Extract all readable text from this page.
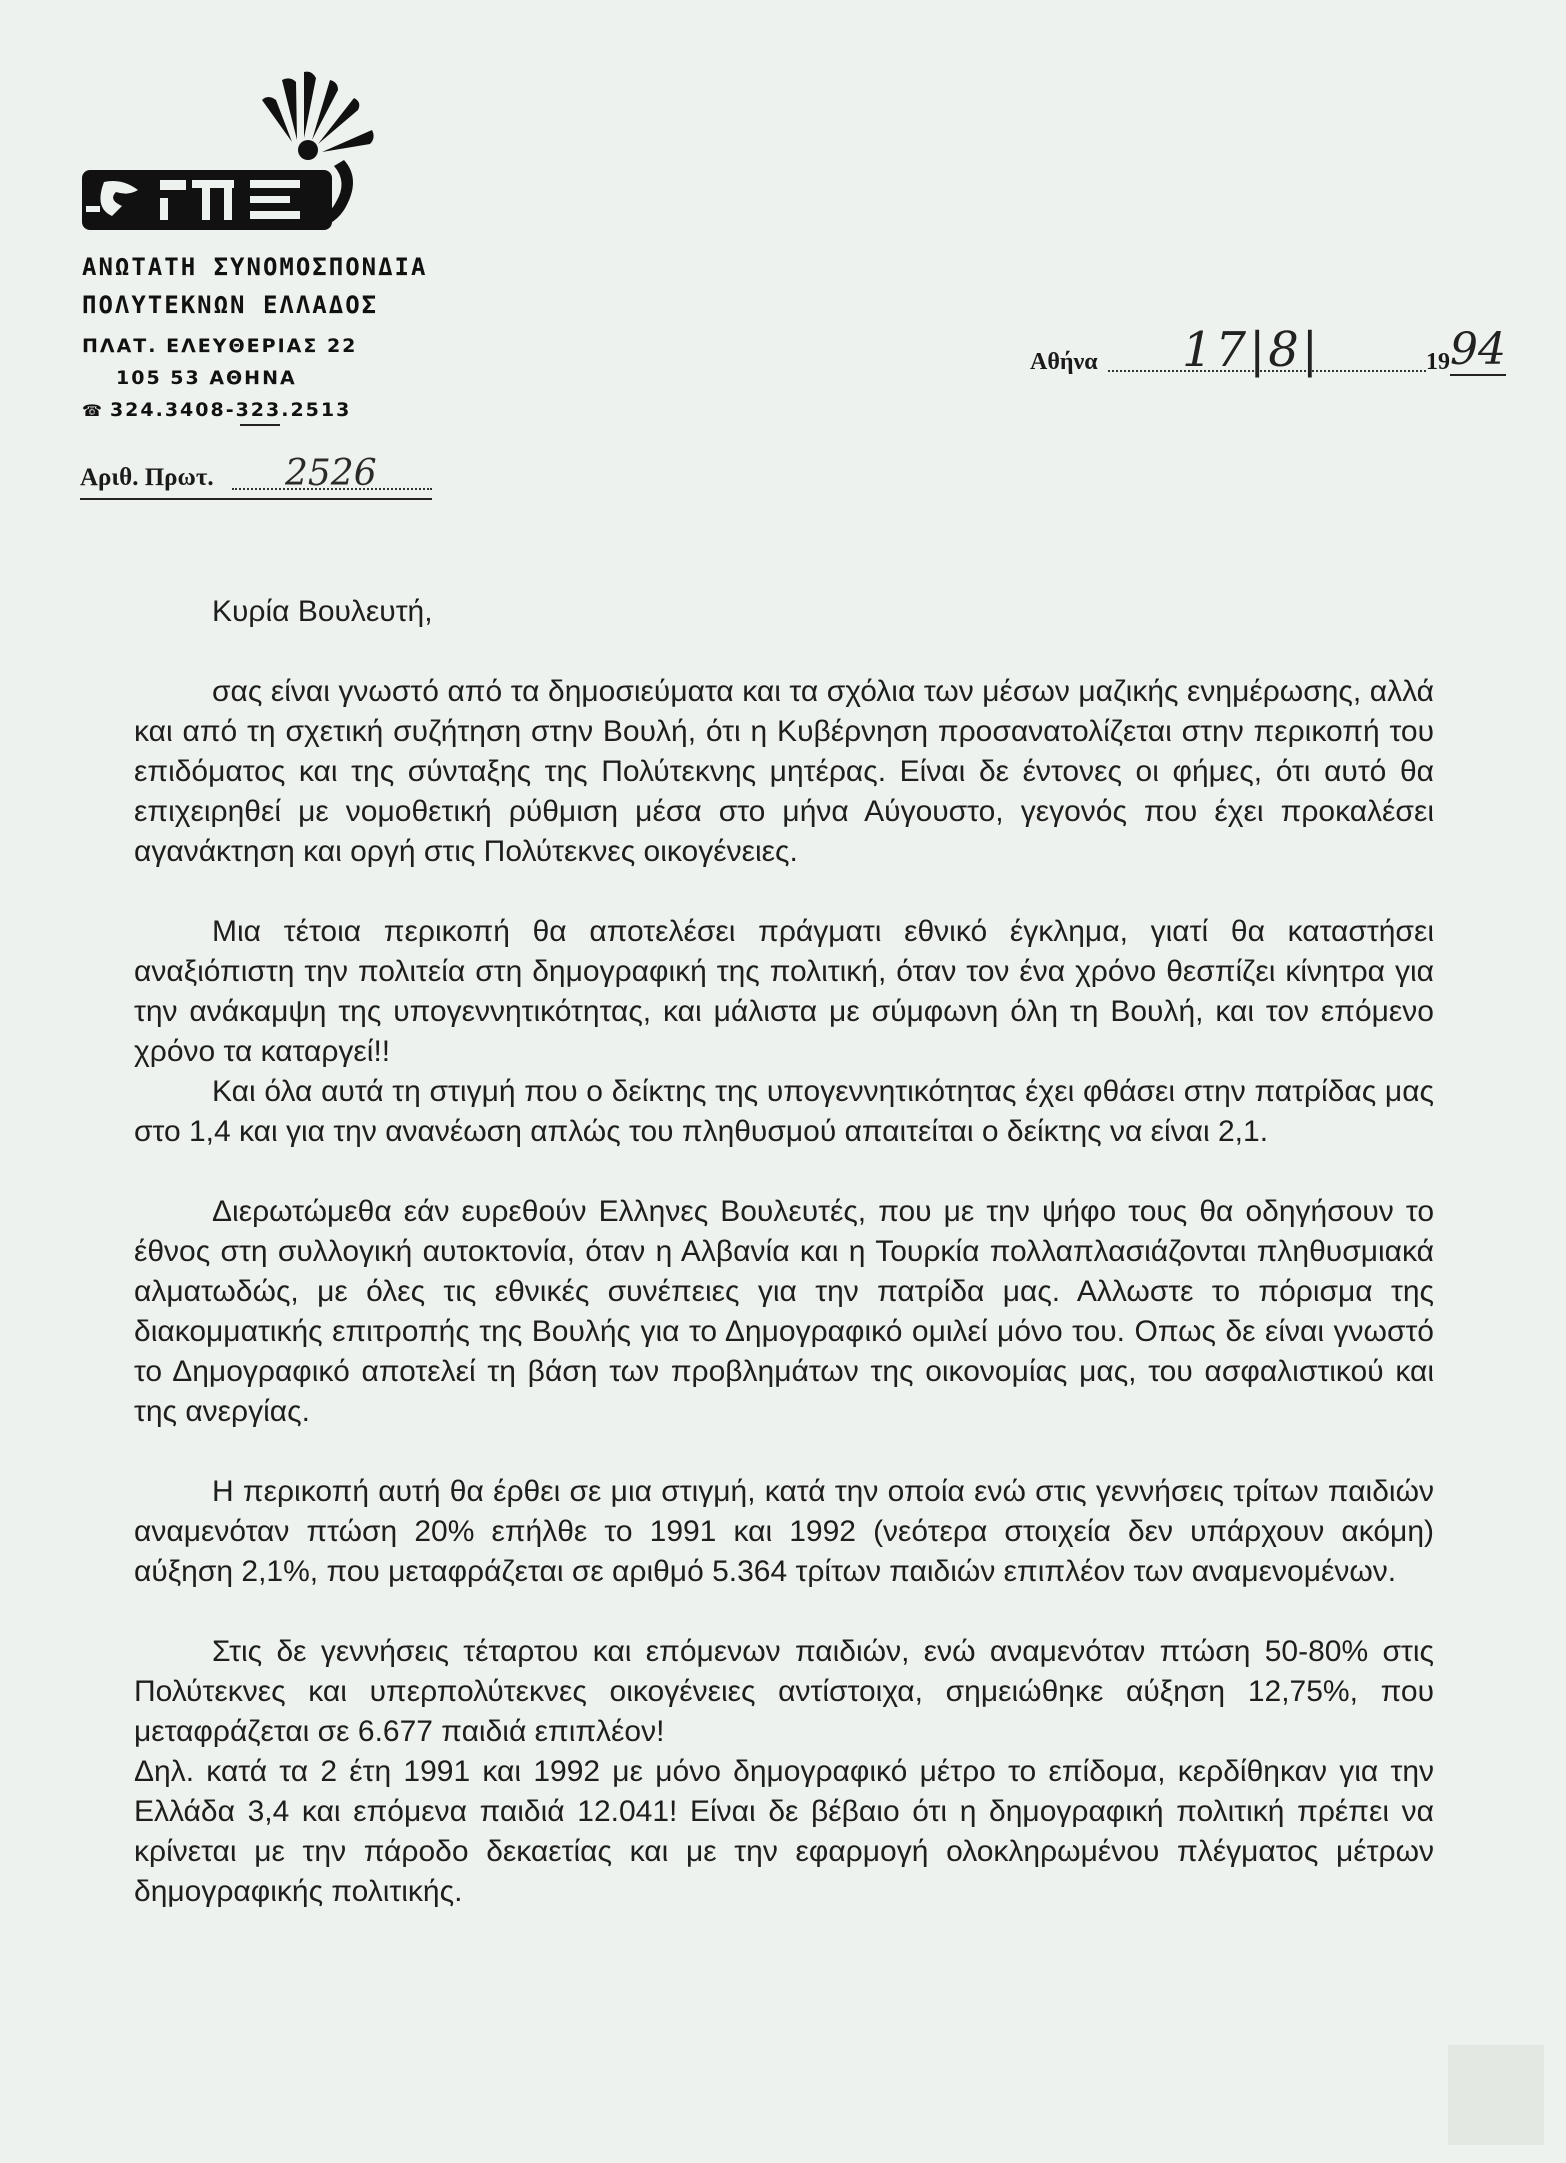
ΑΣΠΕ
ΑΝΩΤΑΤΗ ΣΥΝΟΜΟΣΠΟΝΔΙΑ
ΠΟΛΥΤΕΚΝΩΝ ΕΛΛΑΔΟΣ
ΠΛΑΤ. ΕΛΕΥΘΕΡΙΑΣ 22
105 53 ΑΘΗΝΑ
☎ 324.3408-323.2513
Αριθ. Πρωτ. 2526
Αθήνα 17|8|	19 94
Κυρία Βουλευτή,

σας είναι γνωστό από τα δημοσιεύματα και τα σχόλια των μέσων μαζικής ενημέρωσης, αλλά και από τη σχετική συζήτηση στην Βουλή, ότι η Κυβέρνηση προσανατολίζεται στην περικοπή του επιδόματος και της σύνταξης της Πολύτεκνης μητέρας. Είναι δε έντονες οι φήμες, ότι αυτό θα επιχειρηθεί με νομοθετική ρύθμιση μέσα στο μήνα Αύγουστο, γεγονός που έχει προκαλέσει αγανάκτηση και οργή στις Πολύτεκνες οικογένειες.

Μια τέτοια περικοπή θα αποτελέσει πράγματι εθνικό έγκλημα, γιατί θα καταστήσει αναξιόπιστη την πολιτεία στη δημογραφική της πολιτική, όταν τον ένα χρόνο θεσπίζει κίνητρα για την ανάκαμψη της υπογεννητικότητας, και μάλιστα με σύμφωνη όλη τη Βουλή, και τον επόμενο χρόνο τα καταργεί!!

Και όλα αυτά τη στιγμή που ο δείκτης της υπογεννητικότητας έχει φθάσει στην πατρίδας μας στο 1,4 και για την ανανέωση απλώς του πληθυσμού απαιτείται ο δείκτης να είναι 2,1.

Διερωτώμεθα εάν ευρεθούν Ελληνες Βουλευτές, που με την ψήφο τους θα οδηγήσουν το έθνος στη συλλογική αυτοκτονία, όταν η Αλβανία και η Τουρκία πολλαπλασιάζονται πληθυσμιακά αλματωδώς, με όλες τις εθνικές συνέπειες για την πατρίδα μας. Αλλωστε το πόρισμα της διακομματικής επιτροπής της Βουλής για το Δημογραφικό ομιλεί μόνο του. Οπως δε είναι γνωστό το Δημογραφικό αποτελεί τη βάση των προβλημάτων της οικονομίας μας, του ασφαλιστικού και της ανεργίας.

Η περικοπή αυτή θα έρθει σε μια στιγμή, κατά την οποία ενώ στις γεννήσεις τρίτων παιδιών αναμενόταν πτώση 20% επήλθε το 1991 και 1992 (νεότερα στοιχεία δεν υπάρχουν ακόμη) αύξηση 2,1%, που μεταφράζεται σε αριθμό 5.364 τρίτων παιδιών επιπλέον των αναμενομένων.

Στις δε γεννήσεις τέταρτου και επόμενων παιδιών, ενώ αναμενόταν πτώση 50-80% στις Πολύτεκνες και υπερπολύτεκνες οικογένειες αντίστοιχα, σημειώθηκε αύξηση 12,75%, που μεταφράζεται σε 6.677 παιδιά επιπλέον!

Δηλ. κατά τα 2 έτη 1991 και 1992 με μόνο δημογραφικό μέτρο το επίδομα, κερδίθηκαν για την Ελλάδα 3,4 και επόμενα παιδιά 12.041! Είναι δε βέβαιο ότι η δημογραφική πολιτική πρέπει να κρίνεται με την πάροδο δεκαετίας και με την εφαρμογή ολοκληρωμένου πλέγματος μέτρων δημογραφικής πολιτικής.
